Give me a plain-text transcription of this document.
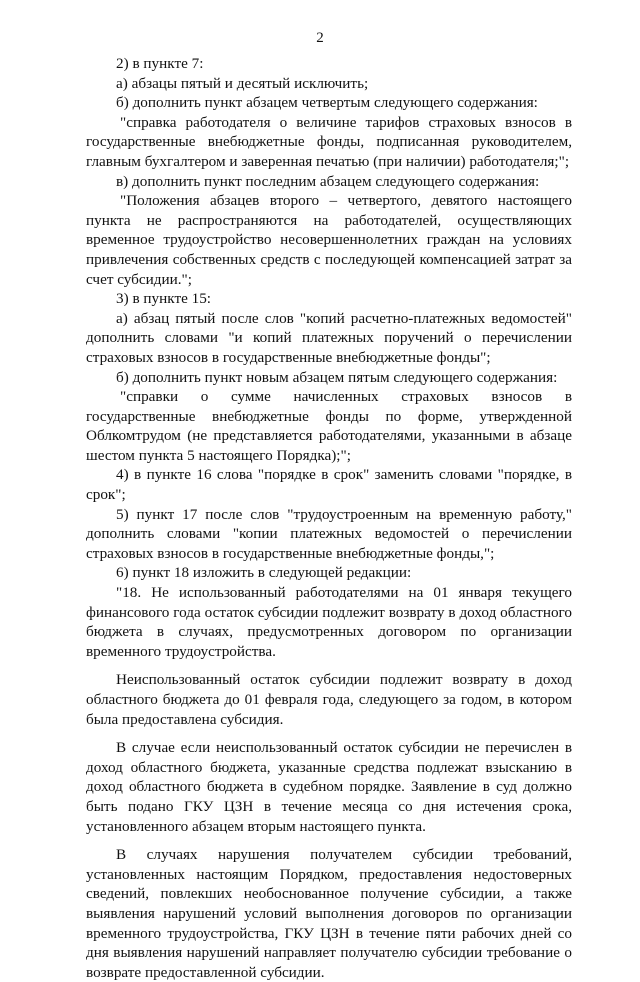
2

2) в пункте 7:

а) абзацы пятый и десятый исключить;

б) дополнить пункт абзацем четвертым следующего содержания:

"справка работодателя о величине тарифов страховых взносов в государственные внебюджетные фонды, подписанная руководителем, главным бухгалтером и заверенная печатью (при наличии) работодателя;";

в) дополнить пункт последним абзацем следующего содержания:

"Положения абзацев второго – четвертого, девятого настоящего пункта не распространяются на работодателей, осуществляющих временное трудоустройство несовершеннолетних граждан на условиях привлечения собственных средств с последующей компенсацией затрат за счет субсидии.";

3) в пункте 15:

а) абзац пятый после слов "копий расчетно-платежных ведомостей" дополнить словами "и копий платежных поручений о перечислении страховых взносов в государственные внебюджетные фонды";

б) дополнить пункт новым абзацем пятым следующего содержания:

"справки о сумме начисленных страховых взносов в государственные внебюджетные фонды по форме, утвержденной Облкомтрудом (не представляется работодателями, указанными в абзаце шестом пункта 5 настоящего Порядка);";

4) в пункте 16 слова "порядке в срок" заменить словами "порядке, в срок";

5) пункт 17 после слов "трудоустроенным на временную работу," дополнить словами "копии платежных ведомостей о перечислении страховых взносов в государственные внебюджетные фонды,";

6) пункт 18 изложить в следующей редакции:

"18. Не использованный работодателями на 01 января текущего финансового года остаток субсидии подлежит возврату в доход областного бюджета в случаях, предусмотренных договором по организации временного трудоустройства.

Неиспользованный остаток субсидии подлежит возврату в доход областного бюджета до 01 февраля года, следующего за годом, в котором была предоставлена субсидия.

В случае если неиспользованный остаток субсидии не перечислен в доход областного бюджета, указанные средства подлежат взысканию в доход областного бюджета в судебном порядке. Заявление в суд должно быть подано ГКУ ЦЗН в течение месяца со дня истечения срока, установленного абзацем вторым настоящего пункта.

В случаях нарушения получателем субсидии требований, установленных настоящим Порядком, предоставления недостоверных сведений, повлекших необоснованное получение субсидии, а также выявления нарушений условий выполнения договоров по организации временного трудоустройства, ГКУ ЦЗН в течение пяти рабочих дней со дня выявления нарушений направляет получателю субсидии требование о возврате предоставленной субсидии.
